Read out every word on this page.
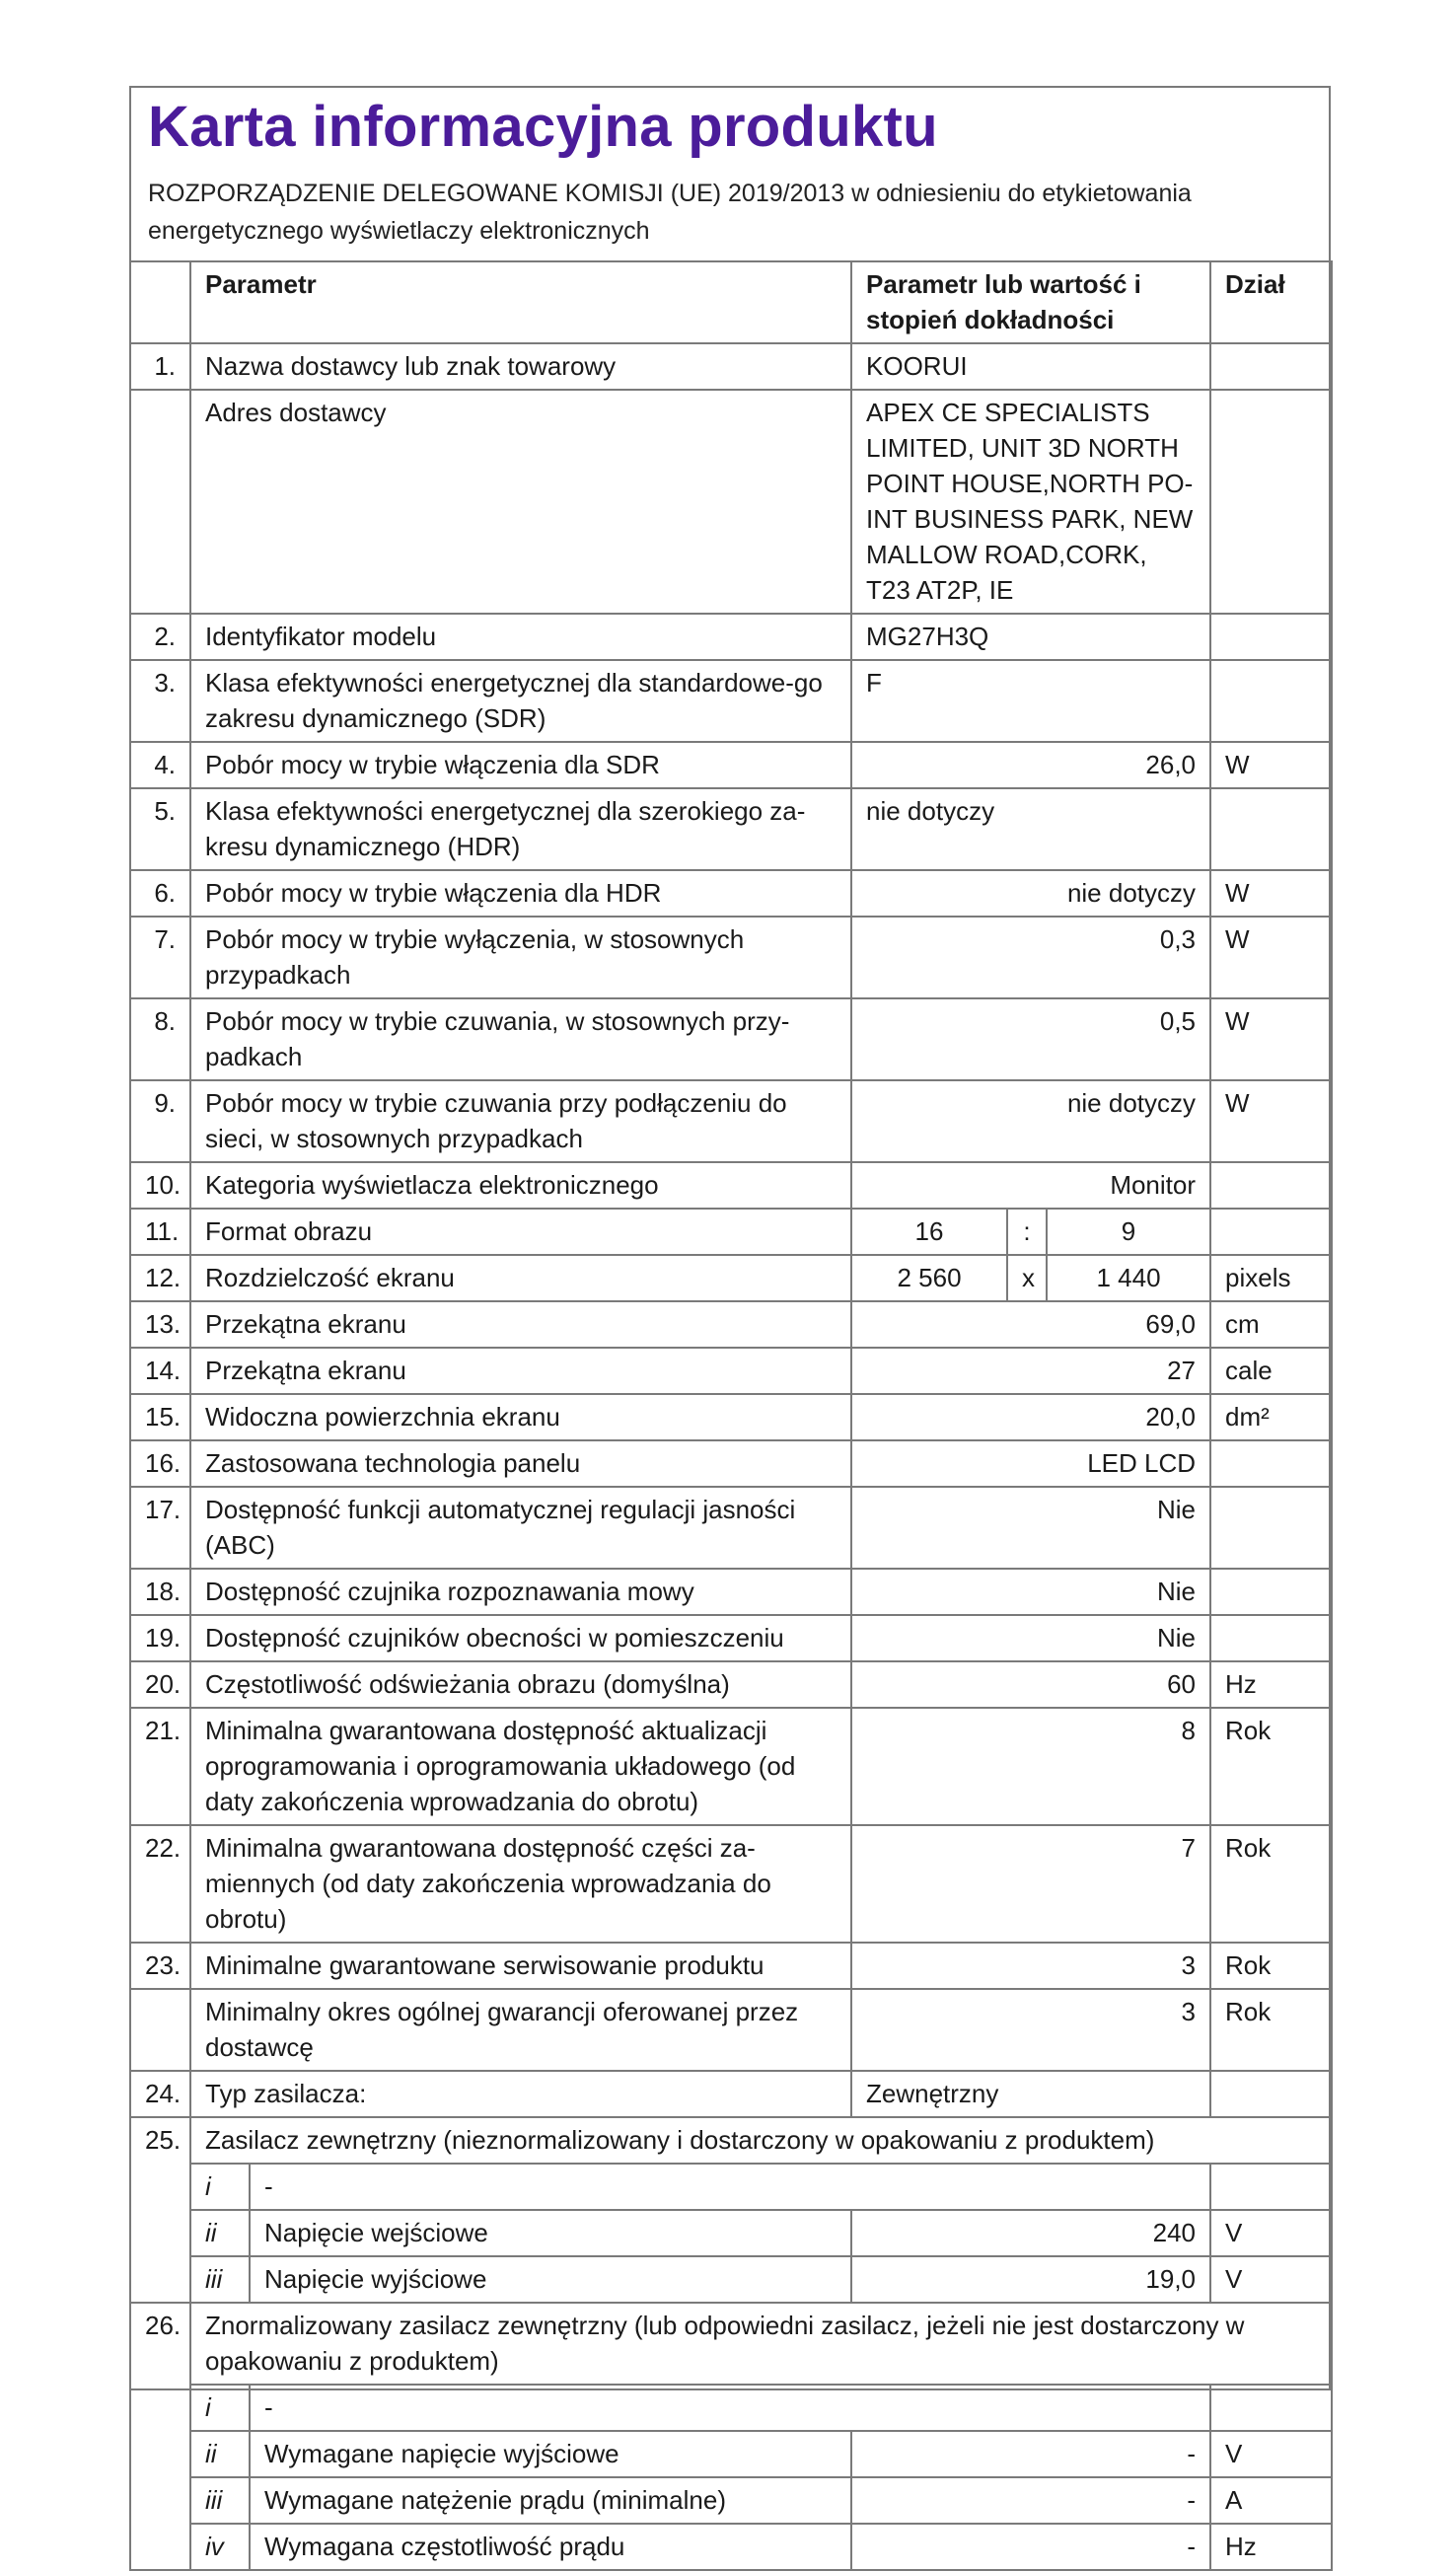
Karta informacyjna produktu
ROZPORZĄDZENIE DELEGOWANE KOMISJI (UE) 2019/2013 w odniesieniu do etykietowania energetycznego wyświetlaczy elektronicznych
	Parametr		Parametr lub wartość i stopień dokładności			Dział
1.	Nazwa dostawcy lub znak towarowy		KOORUI			
	Adres dostawcy		APEX CE SPECIALISTS LIMITED, UNIT 3D NORTH POINT HOUSE,NORTH PO-INT BUSINESS PARK, NEW MALLOW ROAD,CORK, T23 AT2P, IE			
2.	Identyfikator modelu		MG27H3Q			
3.	Klasa efektywności energetycznej dla standardowe-go zakresu dynamicznego (SDR)		F			
4.	Pobór mocy w trybie włączenia dla SDR		26,0			W
5.	Klasa efektywności energetycznej dla szerokiego za-kresu dynamicznego (HDR)		nie dotyczy			
6.	Pobór mocy w trybie włączenia dla HDR		nie dotyczy			W
7.	Pobór mocy w trybie wyłączenia, w stosownych przypadkach		0,3			W
8.	Pobór mocy w trybie czuwania, w stosownych przy-padkach		0,5			W
9.	Pobór mocy w trybie czuwania przy podłączeniu do sieci, w stosownych przypadkach		nie dotyczy			W
10.	Kategoria wyświetlacza elektronicznego		Monitor			
11.	Format obrazu		16	:	9	
12.	Rozdzielczość ekranu		2 560	x	1 440	pixels
13.	Przekątna ekranu		69,0			cm
14.	Przekątna ekranu		27			cale
15.	Widoczna powierzchnia ekranu		20,0			dm²
16.	Zastosowana technologia panelu		LED LCD			
17.	Dostępność funkcji automatycznej regulacji jasności (ABC)		Nie			
18.	Dostępność czujnika rozpoznawania mowy		Nie			
19.	Dostępność czujników obecności w pomieszczeniu		Nie			
20.	Częstotliwość odświeżania obrazu (domyślna)		60			Hz
21.	Minimalna gwarantowana dostępność aktualizacji oprogramowania i oprogramowania układowego (od daty zakończenia wprowadzania do obrotu)		8			Rok
22.	Minimalna gwarantowana dostępność części za-miennych (od daty zakończenia wprowadzania do obrotu)		7			Rok
23.	Minimalne gwarantowane serwisowanie produktu		3			Rok
	Minimalny okres ogólnej gwarancji oferowanej przez dostawcę		3			Rok
24.	Typ zasilacza:		Zewnętrzny			
25.	Zasilacz zewnętrzny (nieznormalizowany i dostarczony w opakowaniu z produktem)					
	i	-				
	ii	Napięcie wejściowe	240			V
	iii	Napięcie wyjściowe	19,0			V
26.	Znormalizowany zasilacz zewnętrzny (lub odpowiedni zasilacz, jeżeli nie jest dostarczony w opakowaniu z produktem)					
	i	-				
	ii	Wymagane napięcie wyjściowe	-			V
	iii	Wymagane natężenie prądu (minimalne)	-			A
	iv	Wymagana częstotliwość prądu	-			Hz
